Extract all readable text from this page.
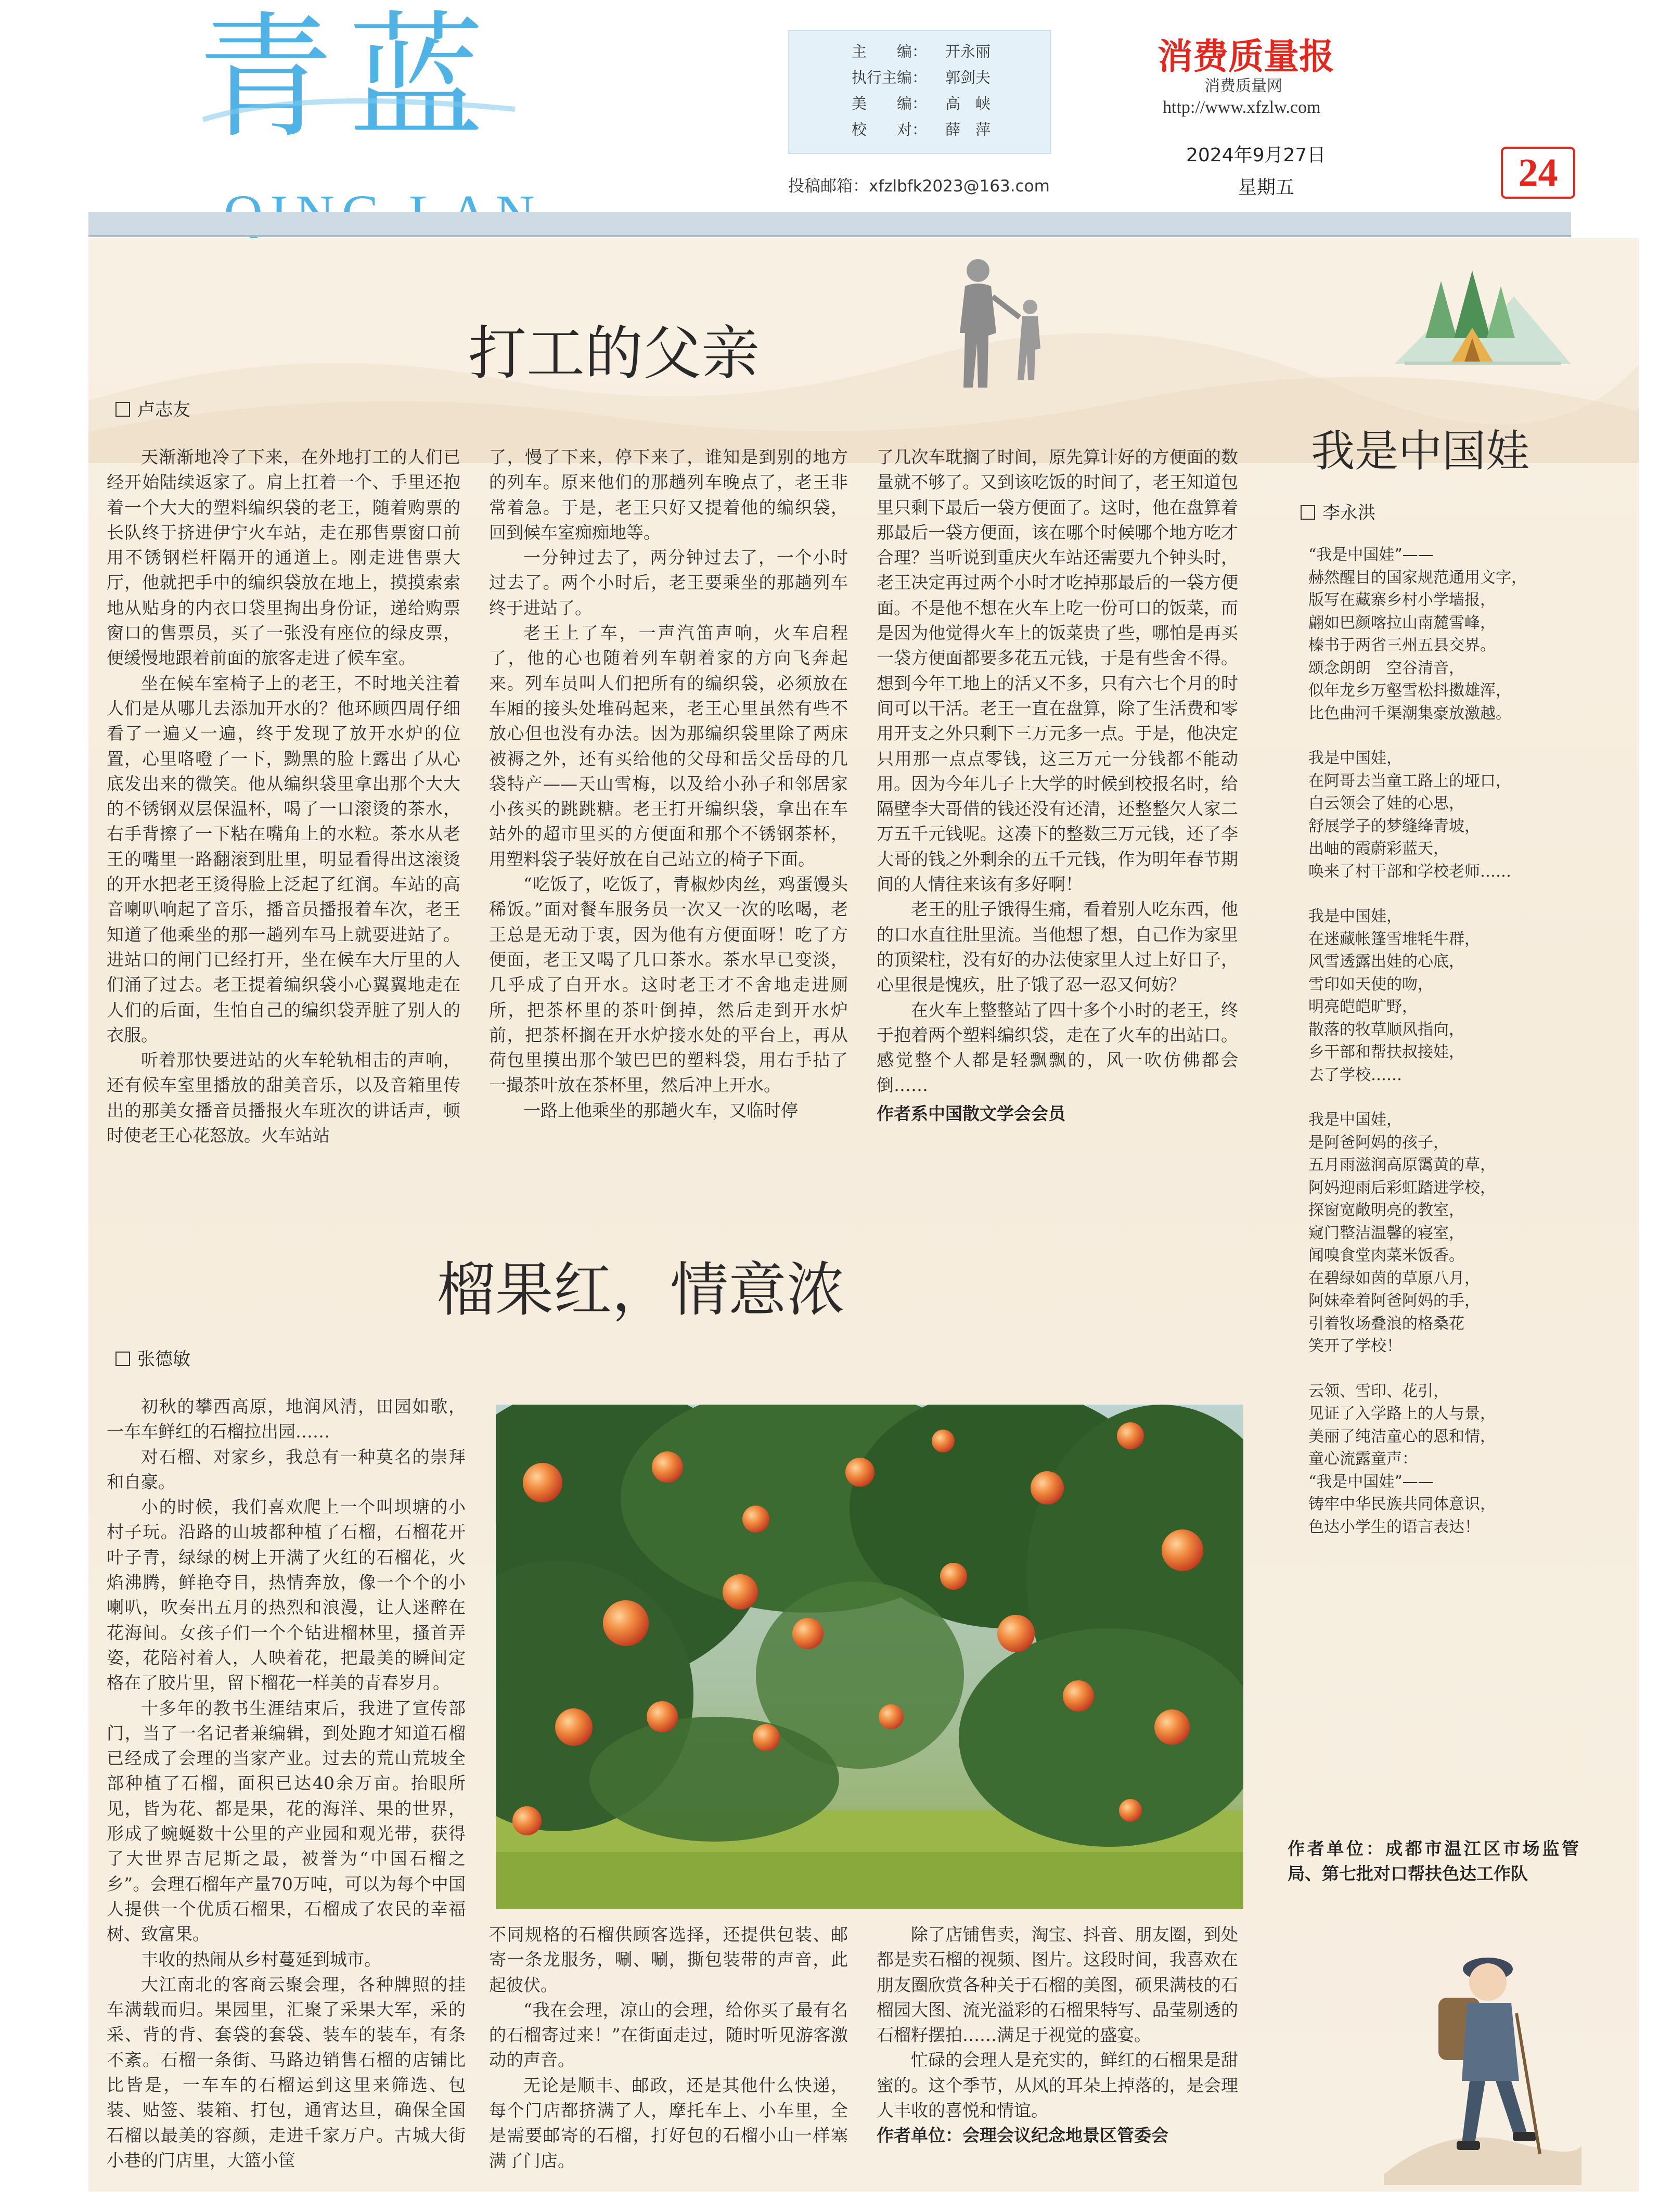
青蓝	主　　编： 开永丽
执行主编： 郭剑夫
美　　编： 高　峡
校　　对： 薛　萍
投稿邮箱：xfzlbfk2023@163.com
消费质量报
消费质量网
http://www.xfzlw.com
2024年9月27日
星期五	24
打工的父亲
卢志友

天渐渐地冷了下来，在外地打工的人们已经开始陆续返家了。肩上扛着一个、手里还抱着一个大大的塑料编织袋的老王，随着购票的长队终于挤进伊宁火车站，走在那售票窗口前用不锈钢栏杆隔开的通道上。刚走进售票大厅，他就把手中的编织袋放在地上，摸摸索索地从贴身的内衣口袋里掏出身份证，递给购票窗口的售票员，买了一张没有座位的绿皮票，便缓慢地跟着前面的旅客走进了候车室。

坐在候车室椅子上的老王，不时地关注着人们是从哪儿去添加开水的？他环顾四周仔细看了一遍又一遍，终于发现了放开水炉的位置，心里咯噔了一下，黝黑的脸上露出了从心底发出来的微笑。他从编织袋里拿出那个大大的不锈钢双层保温杯，喝了一口滚烫的茶水，右手背擦了一下粘在嘴角上的水粒。茶水从老王的嘴里一路翻滚到肚里，明显看得出这滚烫的开水把老王烫得脸上泛起了红润。车站的高音喇叭响起了音乐，播音员播报着车次，老王知道了他乘坐的那一趟列车马上就要进站了。进站口的闸门已经打开，坐在候车大厅里的人们涌了过去。老王提着编织袋小心翼翼地走在人们的后面，生怕自己的编织袋弄脏了别人的衣服。

听着那快要进站的火车轮轨相击的声响，还有候车室里播放的甜美音乐，以及音箱里传出的那美女播音员播报火车班次的讲话声，顿时使老王心花怒放。火车站站

了，慢了下来，停下来了，谁知是到别的地方的列车。原来他们的那趟列车晚点了，老王非常着急。于是，老王只好又提着他的编织袋，回到候车室痴痴地等。

一分钟过去了，两分钟过去了，一个小时过去了。两个小时后，老王要乘坐的那趟列车终于进站了。

老王上了车，一声汽笛声响，火车启程了，他的心也随着列车朝着家的方向飞奔起来。列车员叫人们把所有的编织袋，必须放在车厢的接头处堆码起来，老王心里虽然有些不放心但也没有办法。因为那编织袋里除了两床被褥之外，还有买给他的父母和岳父岳母的几袋特产——天山雪梅，以及给小孙子和邻居家小孩买的跳跳糖。老王打开编织袋，拿出在车站外的超市里买的方便面和那个不锈钢茶杯，用塑料袋子装好放在自己站立的椅子下面。

“吃饭了，吃饭了，青椒炒肉丝，鸡蛋馒头稀饭。”面对餐车服务员一次又一次的吆喝，老王总是无动于衷，因为他有方便面呀！吃了方便面，老王又喝了几口茶水。茶水早已变淡，几乎成了白开水。这时老王才不舍地走进厕所，把茶杯里的茶叶倒掉，然后走到开水炉前，把茶杯搁在开水炉接水处的平台上，再从荷包里摸出那个皱巴巴的塑料袋，用右手拈了一撮茶叶放在茶杯里，然后冲上开水。

一路上他乘坐的那趟火车，又临时停

了几次车耽搁了时间，原先算计好的方便面的数量就不够了。又到该吃饭的时间了，老王知道包里只剩下最后一袋方便面了。这时，他在盘算着那最后一袋方便面，该在哪个时候哪个地方吃才合理？当听说到重庆火车站还需要九个钟头时，老王决定再过两个小时才吃掉那最后的一袋方便面。不是他不想在火车上吃一份可口的饭菜，而是因为他觉得火车上的饭菜贵了些，哪怕是再买一袋方便面都要多花五元钱，于是有些舍不得。想到今年工地上的活又不多，只有六七个月的时间可以干活。老王一直在盘算，除了生活费和零用开支之外只剩下三万元多一点。于是，他决定只用那一点点零钱，这三万元一分钱都不能动用。因为今年儿子上大学的时候到校报名时，给隔壁李大哥借的钱还没有还清，还整整欠人家二万五千元钱呢。这凑下的整数三万元钱，还了李大哥的钱之外剩余的五千元钱，作为明年春节期间的人情往来该有多好啊！

老王的肚子饿得生痛，看着别人吃东西，他的口水直往肚里流。当他想了想，自己作为家里的顶梁柱，没有好的办法使家里人过上好日子，心里很是愧疚，肚子饿了忍一忍又何妨？

在火车上整整站了四十多个小时的老王，终于抱着两个塑料编织袋，走在了火车的出站口。感觉整个人都是轻飘飘的，风一吹仿佛都会倒……

作者系中国散文学会会员
我是中国娃
李永洪
“我是中国娃”——
赫然醒目的国家规范通用文字，
版写在藏寨乡村小学墙报，
翩如巴颜喀拉山南麓雪峰，
榛书于两省三州五县交界。
颂念朗朗　空谷清音，
似年龙乡万壑雪松抖擞雄浑，
比色曲河千渠潮集豪放激越。
我是中国娃，
在阿哥去当童工路上的垭口，
白云领会了娃的心思，
舒展学子的梦缝绛青坡，
出岫的霞蔚彩蓝天，
唤来了村干部和学校老师……
我是中国娃，
在迷藏帐篷雪堆牦牛群，
风雪透露出娃的心底，
雪印如天使的吻，
明亮皑皑旷野，
散落的牧草顺风指向，
乡干部和帮扶叔接娃，
去了学校……
我是中国娃，
是阿爸阿妈的孩子，
五月雨滋润高原霭黄的草，
阿妈迎雨后彩虹踏进学校，
探窗宽敞明亮的教室，
窥门整洁温馨的寝室，
闻嗅食堂肉菜米饭香。
在碧绿如茵的草原八月，
阿妹牵着阿爸阿妈的手，
引着牧场叠浪的格桑花
笑开了学校！
云领、雪印、花引，
见证了入学路上的人与景，
美丽了纯洁童心的恩和情，
童心流露童声：
“我是中国娃”——
铸牢中华民族共同体意识，
色达小学生的语言表达！
作者单位：成都市温江区市场监管局、第七批对口帮扶色达工作队
榴果红，情意浓
张德敏

初秋的攀西高原，地润风清，田园如歌，一车车鲜红的石榴拉出园……

对石榴、对家乡，我总有一种莫名的崇拜和自豪。

小的时候，我们喜欢爬上一个叫坝塘的小村子玩。沿路的山坡都种植了石榴，石榴花开叶子青，绿绿的树上开满了火红的石榴花，火焰沸腾，鲜艳夺目，热情奔放，像一个个的小喇叭，吹奏出五月的热烈和浪漫，让人迷醉在花海间。女孩子们一个个钻进榴林里，搔首弄姿，花陪衬着人，人映着花，把最美的瞬间定格在了胶片里，留下榴花一样美的青春岁月。

十多年的教书生涯结束后，我进了宣传部门，当了一名记者兼编辑，到处跑才知道石榴已经成了会理的当家产业。过去的荒山荒坡全部种植了石榴，面积已达40余万亩。抬眼所见，皆为花、都是果，花的海洋、果的世界，形成了蜿蜒数十公里的产业园和观光带，获得了大世界吉尼斯之最，被誉为“中国石榴之乡”。会理石榴年产量70万吨，可以为每个中国人提供一个优质石榴果，石榴成了农民的幸福树、致富果。

丰收的热闹从乡村蔓延到城市。

大江南北的客商云聚会理，各种牌照的挂车满载而归。果园里，汇聚了采果大军，采的采、背的背、套袋的套袋、装车的装车，有条不紊。石榴一条街、马路边销售石榴的店铺比比皆是，一车车的石榴运到这里来筛选、包装、贴签、装箱、打包，通宵达旦，确保全国石榴以最美的容颜，走进千家万户。古城大街小巷的门店里，大篮小筐

不同规格的石榴供顾客选择，还提供包装、邮寄一条龙服务，唰、唰，撕包装带的声音，此起彼伏。

“我在会理，凉山的会理，给你买了最有名的石榴寄过来！”在街面走过，随时听见游客激动的声音。

无论是顺丰、邮政，还是其他什么快递，每个门店都挤满了人，摩托车上、小车里，全是需要邮寄的石榴，打好包的石榴小山一样塞满了门店。

除了店铺售卖，淘宝、抖音、朋友圈，到处都是卖石榴的视频、图片。这段时间，我喜欢在朋友圈欣赏各种关于石榴的美图，硕果满枝的石榴园大图、流光溢彩的石榴果特写、晶莹剔透的石榴籽摆拍……满足于视觉的盛宴。

忙碌的会理人是充实的，鲜红的石榴果是甜蜜的。这个季节，从风的耳朵上掉落的，是会理人丰收的喜悦和情谊。

作者单位：会理会议纪念地景区管委会
